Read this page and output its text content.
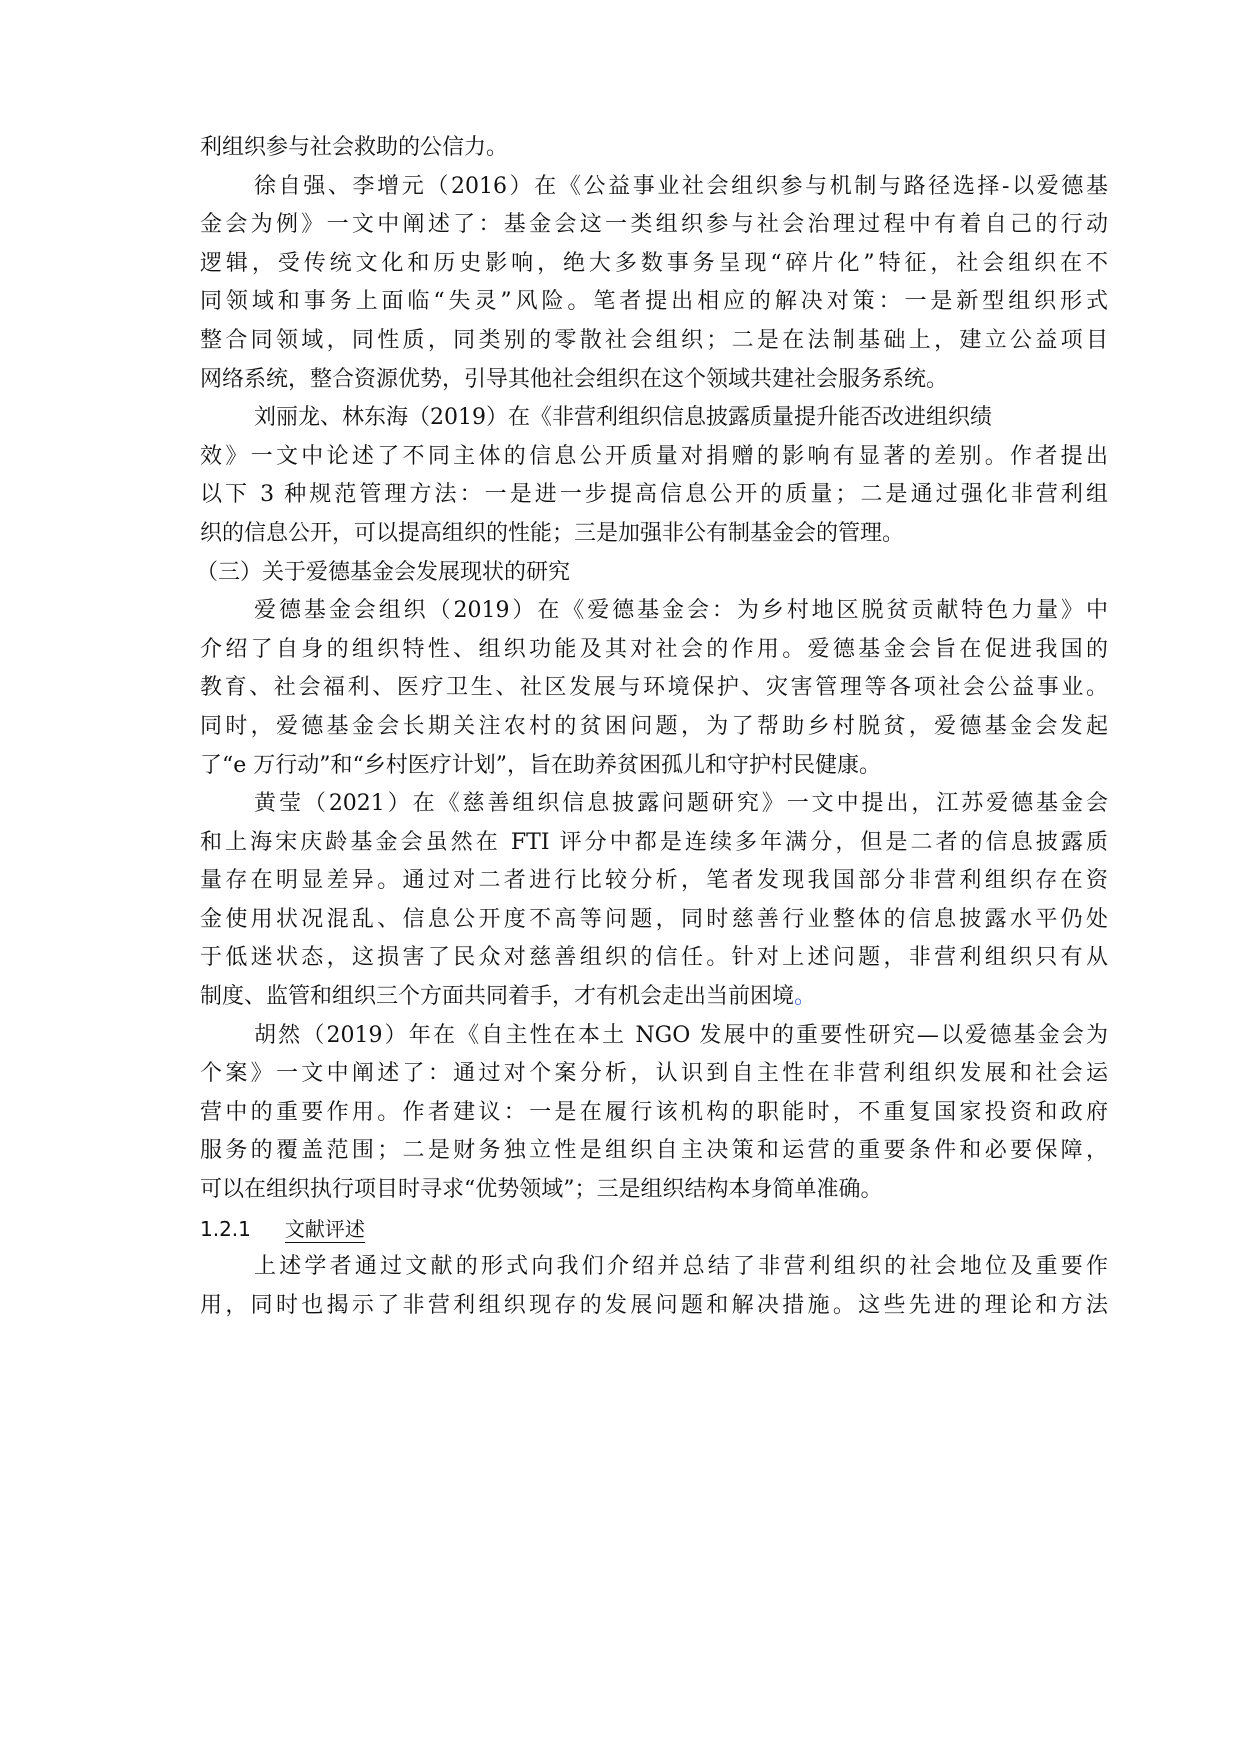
利组织参与社会救助的公信力。
徐自强、李增元（2016）在《公益事业社会组织参与机制与路径选择-以爱德基
金会为例》一文中阐述了：基金会这一类组织参与社会治理过程中有着自己的行动
逻辑，受传统文化和历史影响，绝大多数事务呈现“碎片化”特征，社会组织在不
同领域和事务上面临“失灵”风险。笔者提出相应的解决对策：一是新型组织形式
整合同领域，同性质，同类别的零散社会组织；二是在法制基础上，建立公益项目
网络系统，整合资源优势，引导其他社会组织在这个领域共建社会服务系统。
刘丽龙、林东海（2019）在《非营利组织信息披露质量提升能否改进组织绩
效》一文中论述了不同主体的信息公开质量对捐赠的影响有显著的差别。作者提出
以下 3 种规范管理方法：一是进一步提高信息公开的质量；二是通过强化非营利组
织的信息公开，可以提高组织的性能；三是加强非公有制基金会的管理。
（三）关于爱德基金会发展现状的研究
爱德基金会组织（2019）在《爱德基金会：为乡村地区脱贫贡献特色力量》中
介绍了自身的组织特性、组织功能及其对社会的作用。爱德基金会旨在促进我国的
教育、社会福利、医疗卫生、社区发展与环境保护、灾害管理等各项社会公益事业。
同时，爱德基金会长期关注农村的贫困问题，为了帮助乡村脱贫，爱德基金会发起
了“e 万行动”和“乡村医疗计划”，旨在助养贫困孤儿和守护村民健康。
黄莹（2021）在《慈善组织信息披露问题研究》一文中提出，江苏爱德基金会
和上海宋庆龄基金会虽然在 FTI 评分中都是连续多年满分，但是二者的信息披露质
量存在明显差异。通过对二者进行比较分析，笔者发现我国部分非营利组织存在资
金使用状况混乱、信息公开度不高等问题，同时慈善行业整体的信息披露水平仍处
于低迷状态，这损害了民众对慈善组织的信任。针对上述问题，非营利组织只有从
制度、监管和组织三个方面共同着手，才有机会走出当前困境。
胡然（2019）年在《自主性在本土 NGO 发展中的重要性研究—以爱德基金会为
个案》一文中阐述了：通过对个案分析，认识到自主性在非营利组织发展和社会运
营中的重要作用。作者建议：一是在履行该机构的职能时，不重复国家投资和政府
服务的覆盖范围；二是财务独立性是组织自主决策和运营的重要条件和必要保障，
可以在组织执行项目时寻求“优势领域”；三是组织结构本身简单准确。
1.2.1 文献评述
上述学者通过文献的形式向我们介绍并总结了非营利组织的社会地位及重要作
用，同时也揭示了非营利组织现存的发展问题和解决措施。这些先进的理论和方法
